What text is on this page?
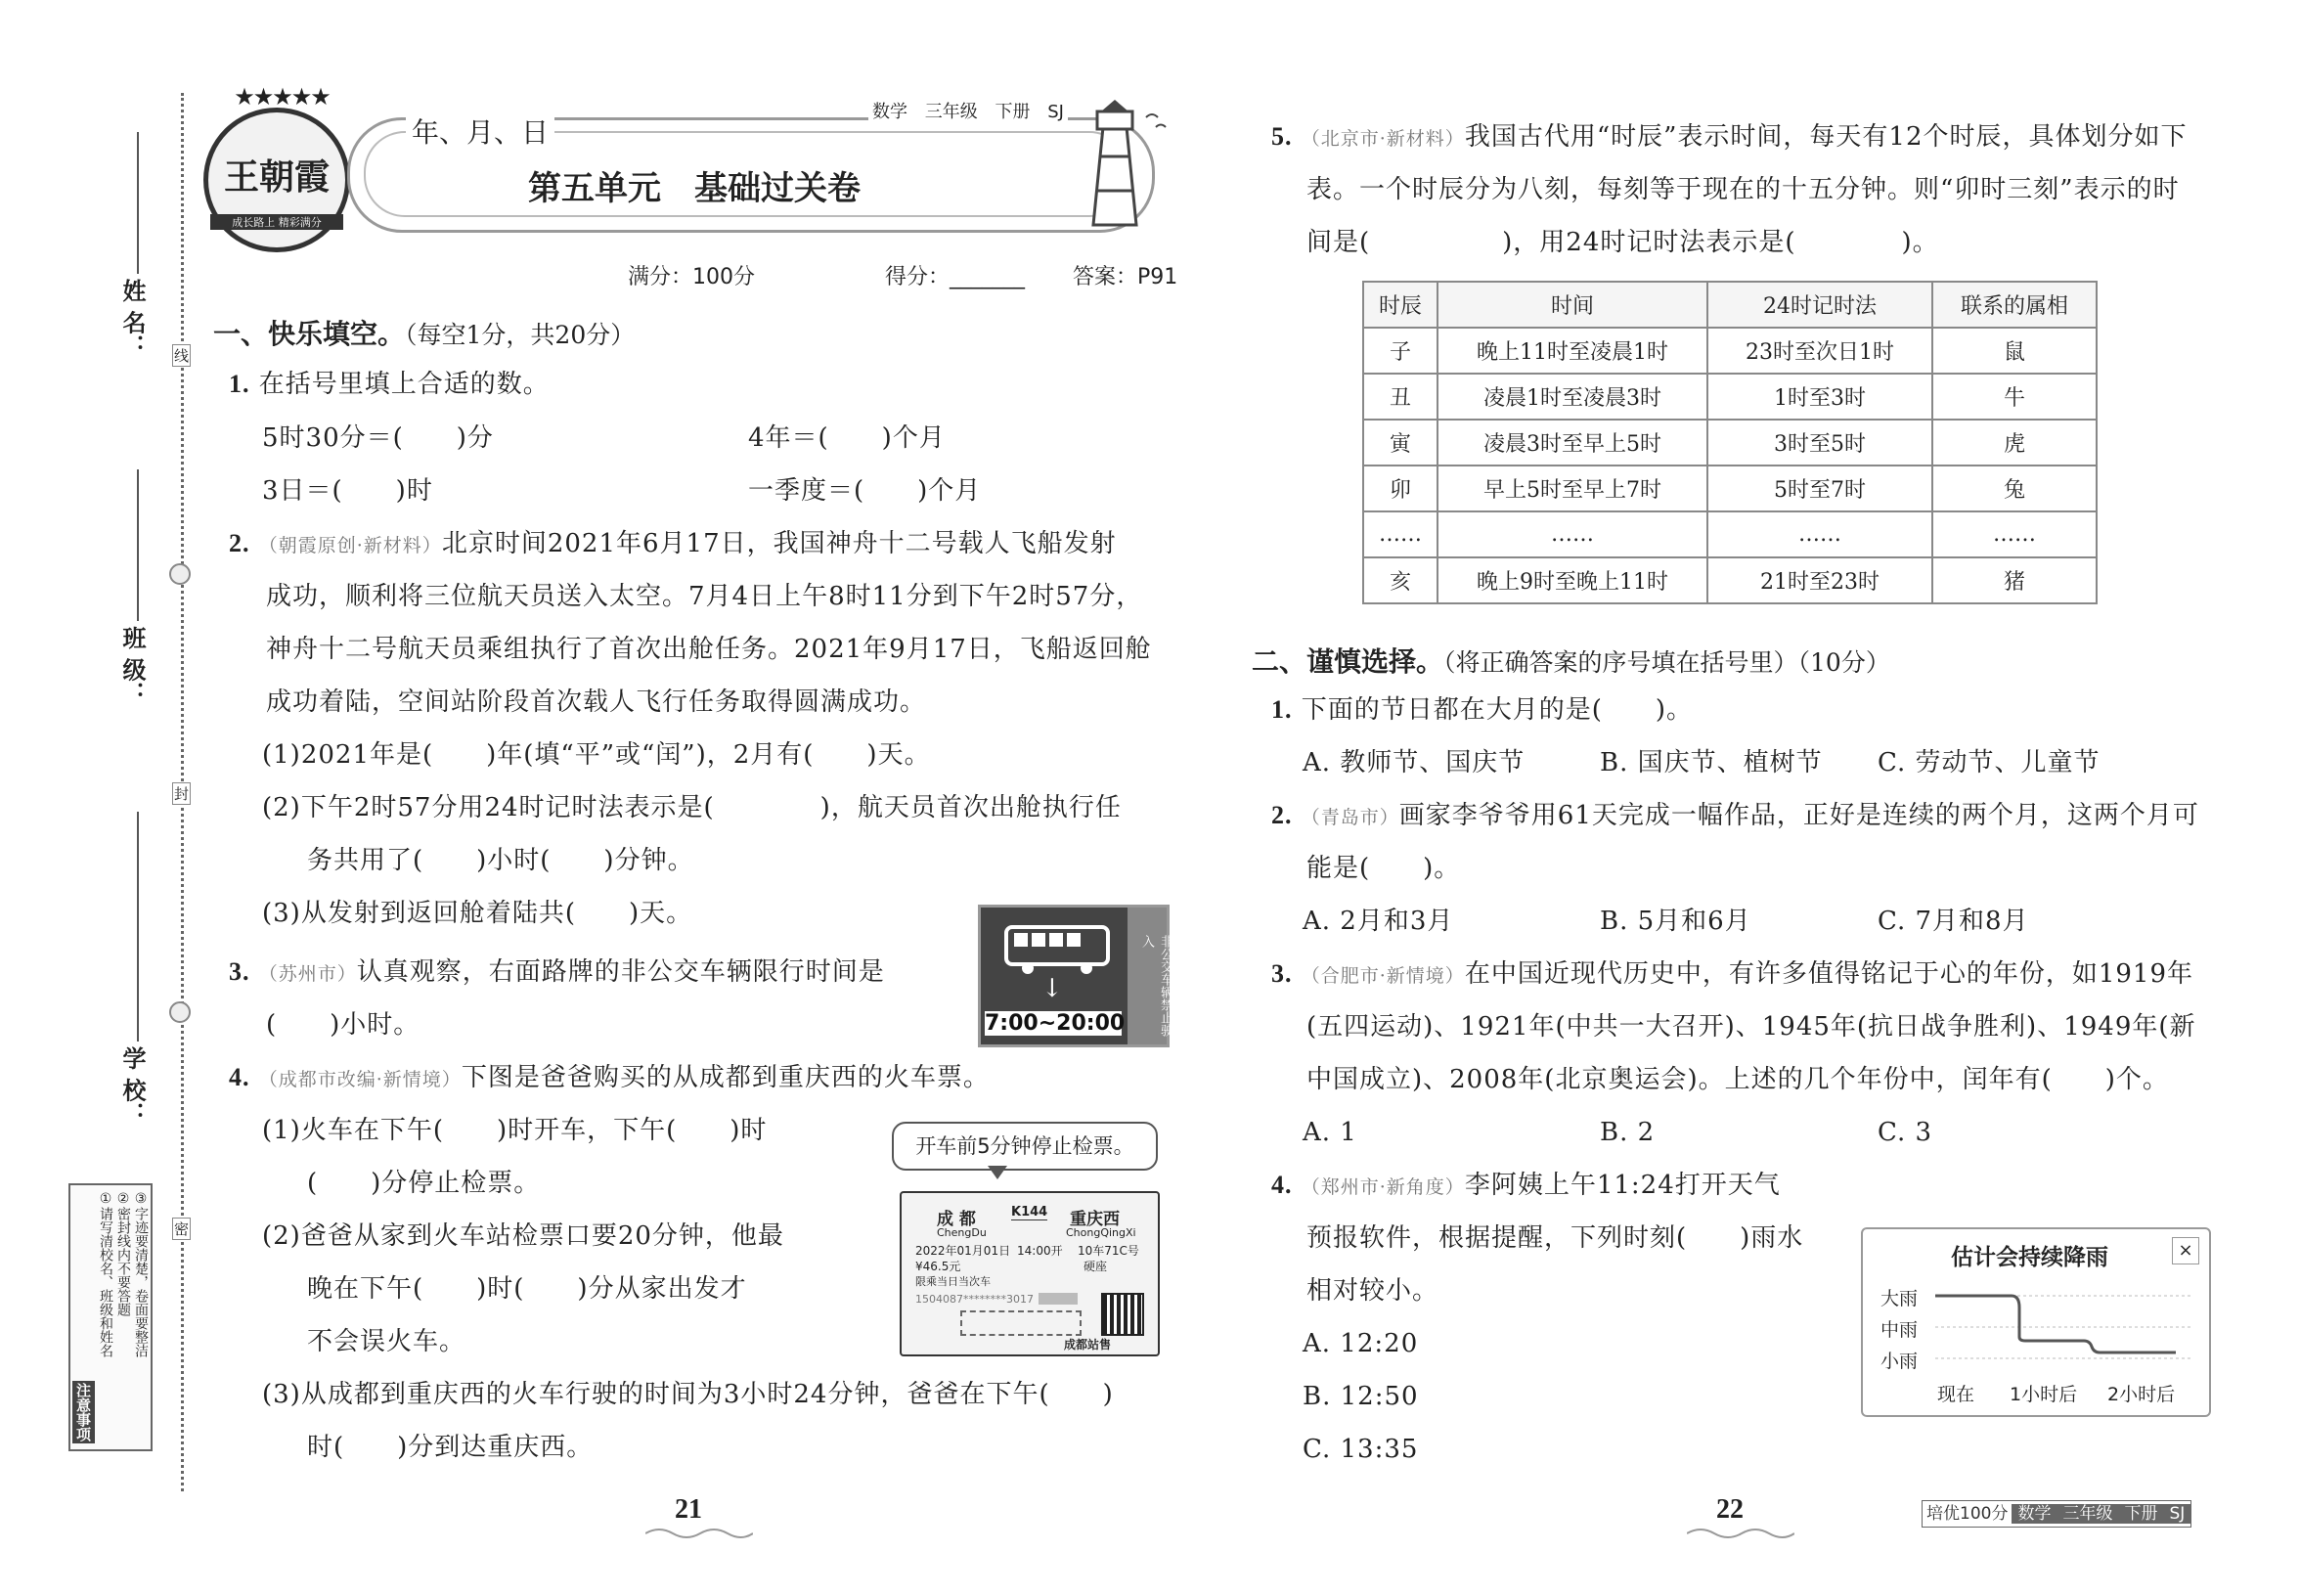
姓 名：
班 级：
学 校：
线
封
密
注意事项
①请写清校名、班级和姓名 ②密封线内不要答题 ③字迹要清楚，卷面要整洁
★★★★★
王朝霞
成长路上 精彩满分
年、月、日
数学 三年级 下册 SJ
第五单元　基础过关卷
满分：100分	得分：_______ 答案：P91
一、快乐填空。（每空1分，共20分）
1. 在括号里填上合适的数。
5时30分＝(　　)分	4年＝(　　)个月
3日＝(　　)时	一季度＝(　　)个月
2. （朝霞原创·新材料）北京时间2021年6月17日，我国神舟十二号载人飞船发射
成功，顺利将三位航天员送入太空。7月4日上午8时11分到下午2时57分，
神舟十二号航天员乘组执行了首次出舱任务。2021年9月17日，飞船返回舱
成功着陆，空间站阶段首次载人飞行任务取得圆满成功。
(1)2021年是(　　)年(填“平”或“闰”)，2月有(　　)天。
(2)下午2时57分用24时记时法表示是(　　　　)，航天员首次出舱执行任
务共用了(　　)小时(　　)分钟。
(3)从发射到返回舱着陆共(　　)天。
3. （苏州市）认真观察，右面路牌的非公交车辆限行时间是
(　　)小时。
↓
7:00~20:00	非公交车辆禁止驶入
4. （成都市改编·新情境）下图是爸爸购买的从成都到重庆西的火车票。
(1)火车在下午(　　)时开车，下午(　　)时
(　　)分停止检票。
(2)爸爸从家到火车站检票口要20分钟，他最
晚在下午(　　)时(　　)分从家出发才
不会误火车。
(3)从成都到重庆西的火车行驶的时间为3小时24分钟，爸爸在下午(　　)
时(　　)分到达重庆西。
开车前5分钟停止检票。
成 都
ChengDu
K144 重庆西
ChongQingXi
2022年01月01日 14:00开 10车71C号
¥46.5元	硬座
限乘当日当次车
1504087********3017
成都站售
21
5. （北京市·新材料）我国古代用“时辰”表示时间，每天有12个时辰，具体划分如下
表。一个时辰分为八刻，每刻等于现在的十五分钟。则“卯时三刻”表示的时
间是(　　　　　)，用24时记时法表示是(　　　　)。
时辰	时间	24时记时法	联系的属相
子	晚上11时至凌晨1时	23时至次日1时	鼠
丑	凌晨1时至凌晨3时	1时至3时	牛
寅	凌晨3时至早上5时	3时至5时	虎
卯	早上5时至早上7时	5时至7时	兔
……	……	……	……
亥	晚上9时至晚上11时	21时至23时	猪
二、谨慎选择。（将正确答案的序号填在括号里）（10分）
1. 下面的节日都在大月的是(　　)。
A. 教师节、国庆节	B. 国庆节、植树节 C. 劳动节、儿童节
2. （青岛市）画家李爷爷用61天完成一幅作品，正好是连续的两个月，这两个月可
能是(　　)。
A. 2月和3月	B. 5月和6月	C. 7月和8月
3. （合肥市·新情境）在中国近现代历史中，有许多值得铭记于心的年份，如1919年
(五四运动)、1921年(中共一大召开)、1945年(抗日战争胜利)、1949年(新
中国成立)、2008年(北京奥运会)。上述的几个年份中，闰年有(　　)个。
A. 1	B. 2	C. 3
4. （郑州市·新角度）李阿姨上午11:24打开天气
预报软件，根据提醒，下列时刻(　　)雨水
相对较小。
A. 12:20
B. 12:50
C. 13:35
估计会持续降雨	×
大雨
中雨
小雨
现在 1小时后 2小时后
22	培优100分 数学 三年级 下册 SJ
